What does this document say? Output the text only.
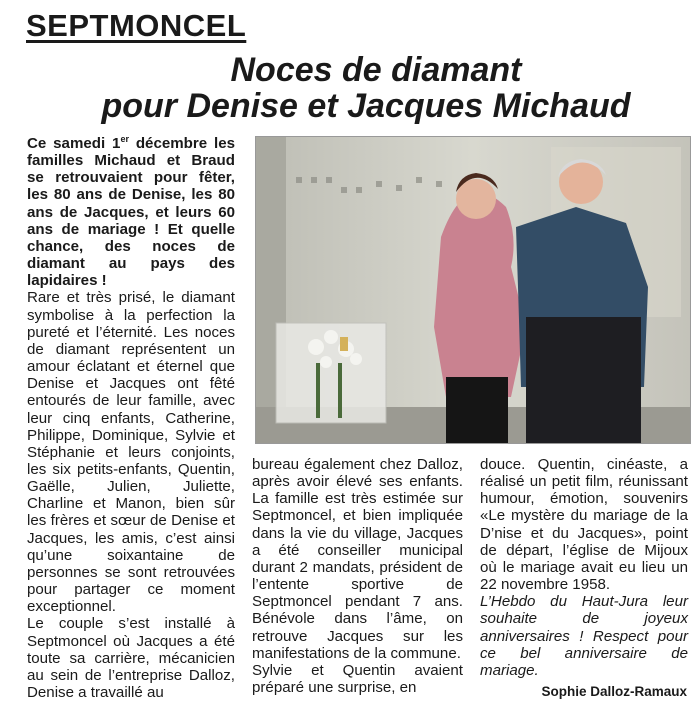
SEPTMONCEL
Noces de diamant
pour Denise et Jacques Michaud

Ce samedi 1er décembre les familles Michaud et Braud se retrouvaient pour fêter, les 80 ans de Denise, les 80 ans de Jacques, et leurs 60 ans de mariage ! Et quelle chance, des noces de diamant au pays des lapidaires !

Rare et très prisé, le diamant symbolise à la perfection la pureté et l’éternité. Les noces de diamant représentent un amour éclatant et éternel que Denise et Jacques ont fêté entourés de leur famille, avec leur cinq enfants, Catherine, Philippe, Dominique, Sylvie et Stéphanie et leurs conjoints, les six petits-enfants, Quentin, Gaëlle, Julien, Juliette, Charline et Manon, bien sûr les frères et sœur de Denise et Jacques, les amis, c’est ainsi qu’une soixantaine de personnes se sont retrouvées pour partager ce moment exceptionnel.

Le couple s’est installé à Septmoncel où Jacques a été toute sa carrière, mécanicien au sein de l’entreprise Dalloz, Denise a travaillé au

bureau également chez Dalloz, après avoir élevé ses enfants. La famille est très estimée sur Septmoncel, et bien impliquée dans la vie du village, Jacques a été conseiller municipal durant 2 mandats, président de l’entente sportive de Septmoncel pendant 7 ans. Bénévole dans l’âme, on retrouve Jacques sur les manifestations de la commune.

Sylvie et Quentin avaient préparé une surprise, en

douce. Quentin, cinéaste, a réalisé un petit film, réunissant humour, émotion, souvenirs «Le mystère du mariage de la D’nise et du Jacques», point de départ, l’église de Mijoux où le mariage avait eu lieu un 22 novembre 1958.

L’Hebdo du Haut-Jura leur souhaite de joyeux anniversaires ! Respect pour ce bel anniversaire de mariage.

Sophie Dalloz-Ramaux
